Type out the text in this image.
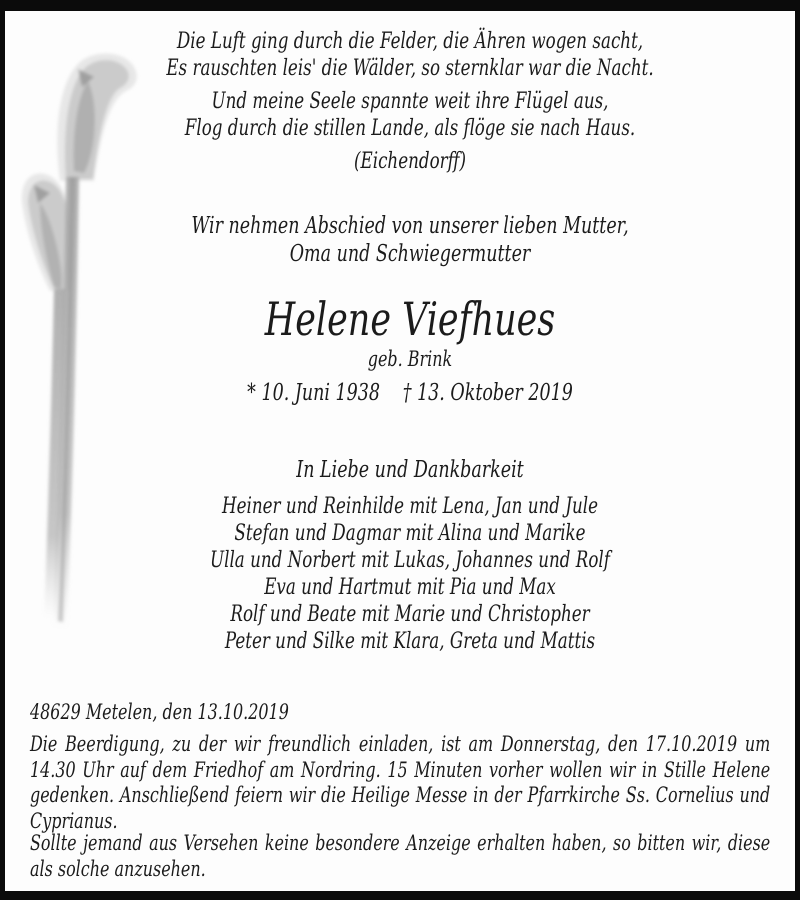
Die Luft ging durch die Felder, die Ähren wogen sacht,
Es rauschten leis' die Wälder, so sternklar war die Nacht.
Und meine Seele spannte weit ihre Flügel aus,
Flog durch die stillen Lande, als flöge sie nach Haus.
(Eichendorff)
Wir nehmen Abschied von unserer lieben Mutter,
Oma und Schwiegermutter
Helene Viefhues
geb. Brink
* 10. Juni 1938 † 13. Oktober 2019
In Liebe und Dankbarkeit
Heiner und Reinhilde mit Lena, Jan und Jule
Stefan und Dagmar mit Alina und Marike
Ulla und Norbert mit Lukas, Johannes und Rolf
Eva und Hartmut mit Pia und Max
Rolf und Beate mit Marie und Christopher
Peter und Silke mit Klara, Greta und Mattis
48629 Metelen, den 13.10.2019
Die Beerdigung, zu der wir freundlich einladen, ist am Donnerstag, den 17.10.2019 um 14.30 Uhr auf dem Friedhof am Nordring. 15 Minuten vorher wollen wir in Stille Helene gedenken. Anschließend feiern wir die Heilige Messe in der Pfarrkirche Ss. Cornelius und Cyprianus.
Sollte jemand aus Versehen keine besondere Anzeige erhalten haben, so bitten wir, diese als solche anzusehen.
